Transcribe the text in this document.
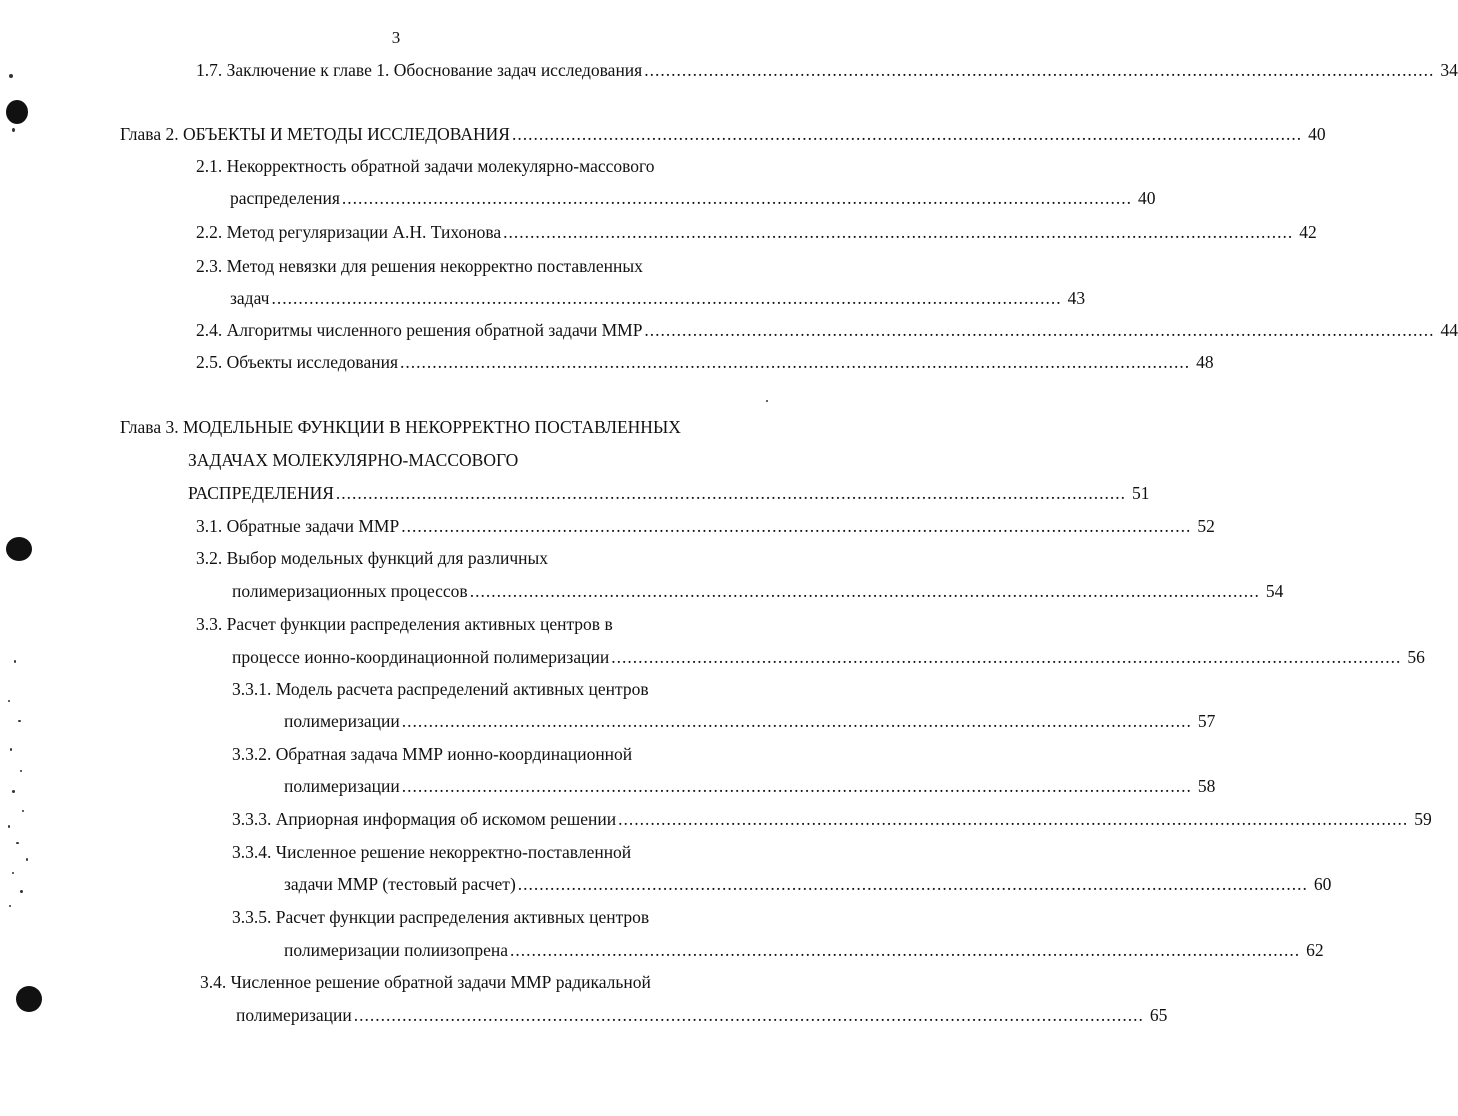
3
1.7. Заключение к главе 1. Обоснование задач исследования ................................................................................................................................................... 34
Глава 2. ОБЪЕКТЫ И МЕТОДЫ ИССЛЕДОВАНИЯ ................................................................................................................................................... 40
2.1. Некорректность обратной задачи молекулярно-массового
распределения ................................................................................................................................................... 40
2.2. Метод регуляризации А.Н. Тихонова ................................................................................................................................................... 42
2.3. Метод невязки для решения некорректно поставленных
задач ................................................................................................................................................... 43
2.4. Алгоритмы численного решения обратной задачи ММР ................................................................................................................................................... 44
2.5. Объекты исследования ................................................................................................................................................... 48
Глава 3. МОДЕЛЬНЫЕ ФУНКЦИИ В НЕКОРРЕКТНО ПОСТАВЛЕННЫХ
ЗАДАЧАХ МОЛЕКУЛЯРНО-МАССОВОГО
РАСПРЕДЕЛЕНИЯ ................................................................................................................................................... 51
3.1. Обратные задачи ММР ................................................................................................................................................... 52
3.2. Выбор модельных функций для различных
полимеризационных процессов ................................................................................................................................................... 54
3.3. Расчет функции распределения активных центров в
процессе ионно-координационной полимеризации ................................................................................................................................................... 56
3.3.1. Модель расчета распределений активных центров
полимеризации ................................................................................................................................................... 57
3.3.2. Обратная задача ММР ионно-координационной
полимеризации ................................................................................................................................................... 58
3.3.3. Априорная информация об искомом решении ................................................................................................................................................... 59
3.3.4. Численное решение некорректно-поставленной
задачи ММР (тестовый расчет) ................................................................................................................................................... 60
3.3.5. Расчет функции распределения активных центров
полимеризации полиизопрена ................................................................................................................................................... 62
3.4. Численное решение обратной задачи ММР радикальной
полимеризации ................................................................................................................................................... 65
